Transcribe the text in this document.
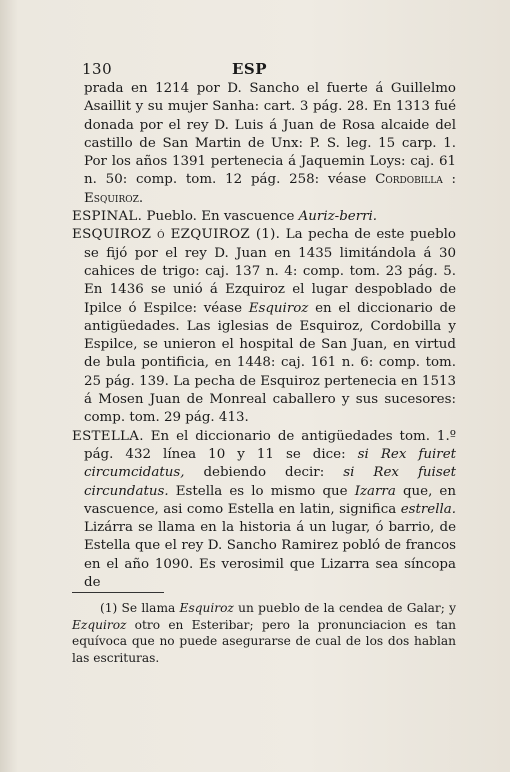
130	ESP

prada en 1214 por D. Sancho el fuerte á Guillelmo Asaillit y su mujer Sanha: cart. 3 pág. 28. En 1313 fué donada por el rey D. Luis á Juan de Rosa alcaide del castillo de San Martin de Unx: P. S. leg. 15 carp. 1. Por los años 1391 pertenecia á Jaquemin Loys: caj. 61 n. 50: comp. tom. 12 pág. 258: véase Cordobilla : Esquiroz.

ESPINAL. Pueblo. En vascuence Auriz-berri.

ESQUIROZ ó EZQUIROZ (1). La pecha de este pueblo se fijó por el rey D. Juan en 1435 limitándola á 30 cahices de trigo: caj. 137 n. 4: comp. tom. 23 pág. 5. En 1436 se unió á Ezquiroz el lugar despoblado de Ipilce ó Espilce: véase Esquiroz en el diccionario de antigüedades. Las iglesias de Esquiroz, Cordobilla y Espilce, se unieron el hospital de San Juan, en virtud de bula pontificia, en 1448: caj. 161 n. 6: comp. tom. 25 pág. 139. La pecha de Esquiroz pertenecia en 1513 á Mosen Juan de Monreal caballero y sus sucesores: comp. tom. 29 pág. 413.

ESTELLA. En el diccionario de antigüedades tom. 1.º pág. 432 línea 10 y 11 se dice: si Rex fuiret circumcidatus, debiendo decir: si Rex fuiset circundatus. Estella es lo mismo que Izarra que, en vascuence, asi como Estella en latin, significa estrella. Lizárra se llama en la historia á un lugar, ó barrio, de Estella que el rey D. Sancho Ramirez pobló de francos en el año 1090. Es verosimil que Lizarra sea síncopa de

(1) Se llama Esquiroz un pueblo de la cendea de Galar; y Ezquiroz otro en Esteribar; pero la pronunciacion es tan equívoca que no puede asegurarse de cual de los dos hablan las escrituras.
